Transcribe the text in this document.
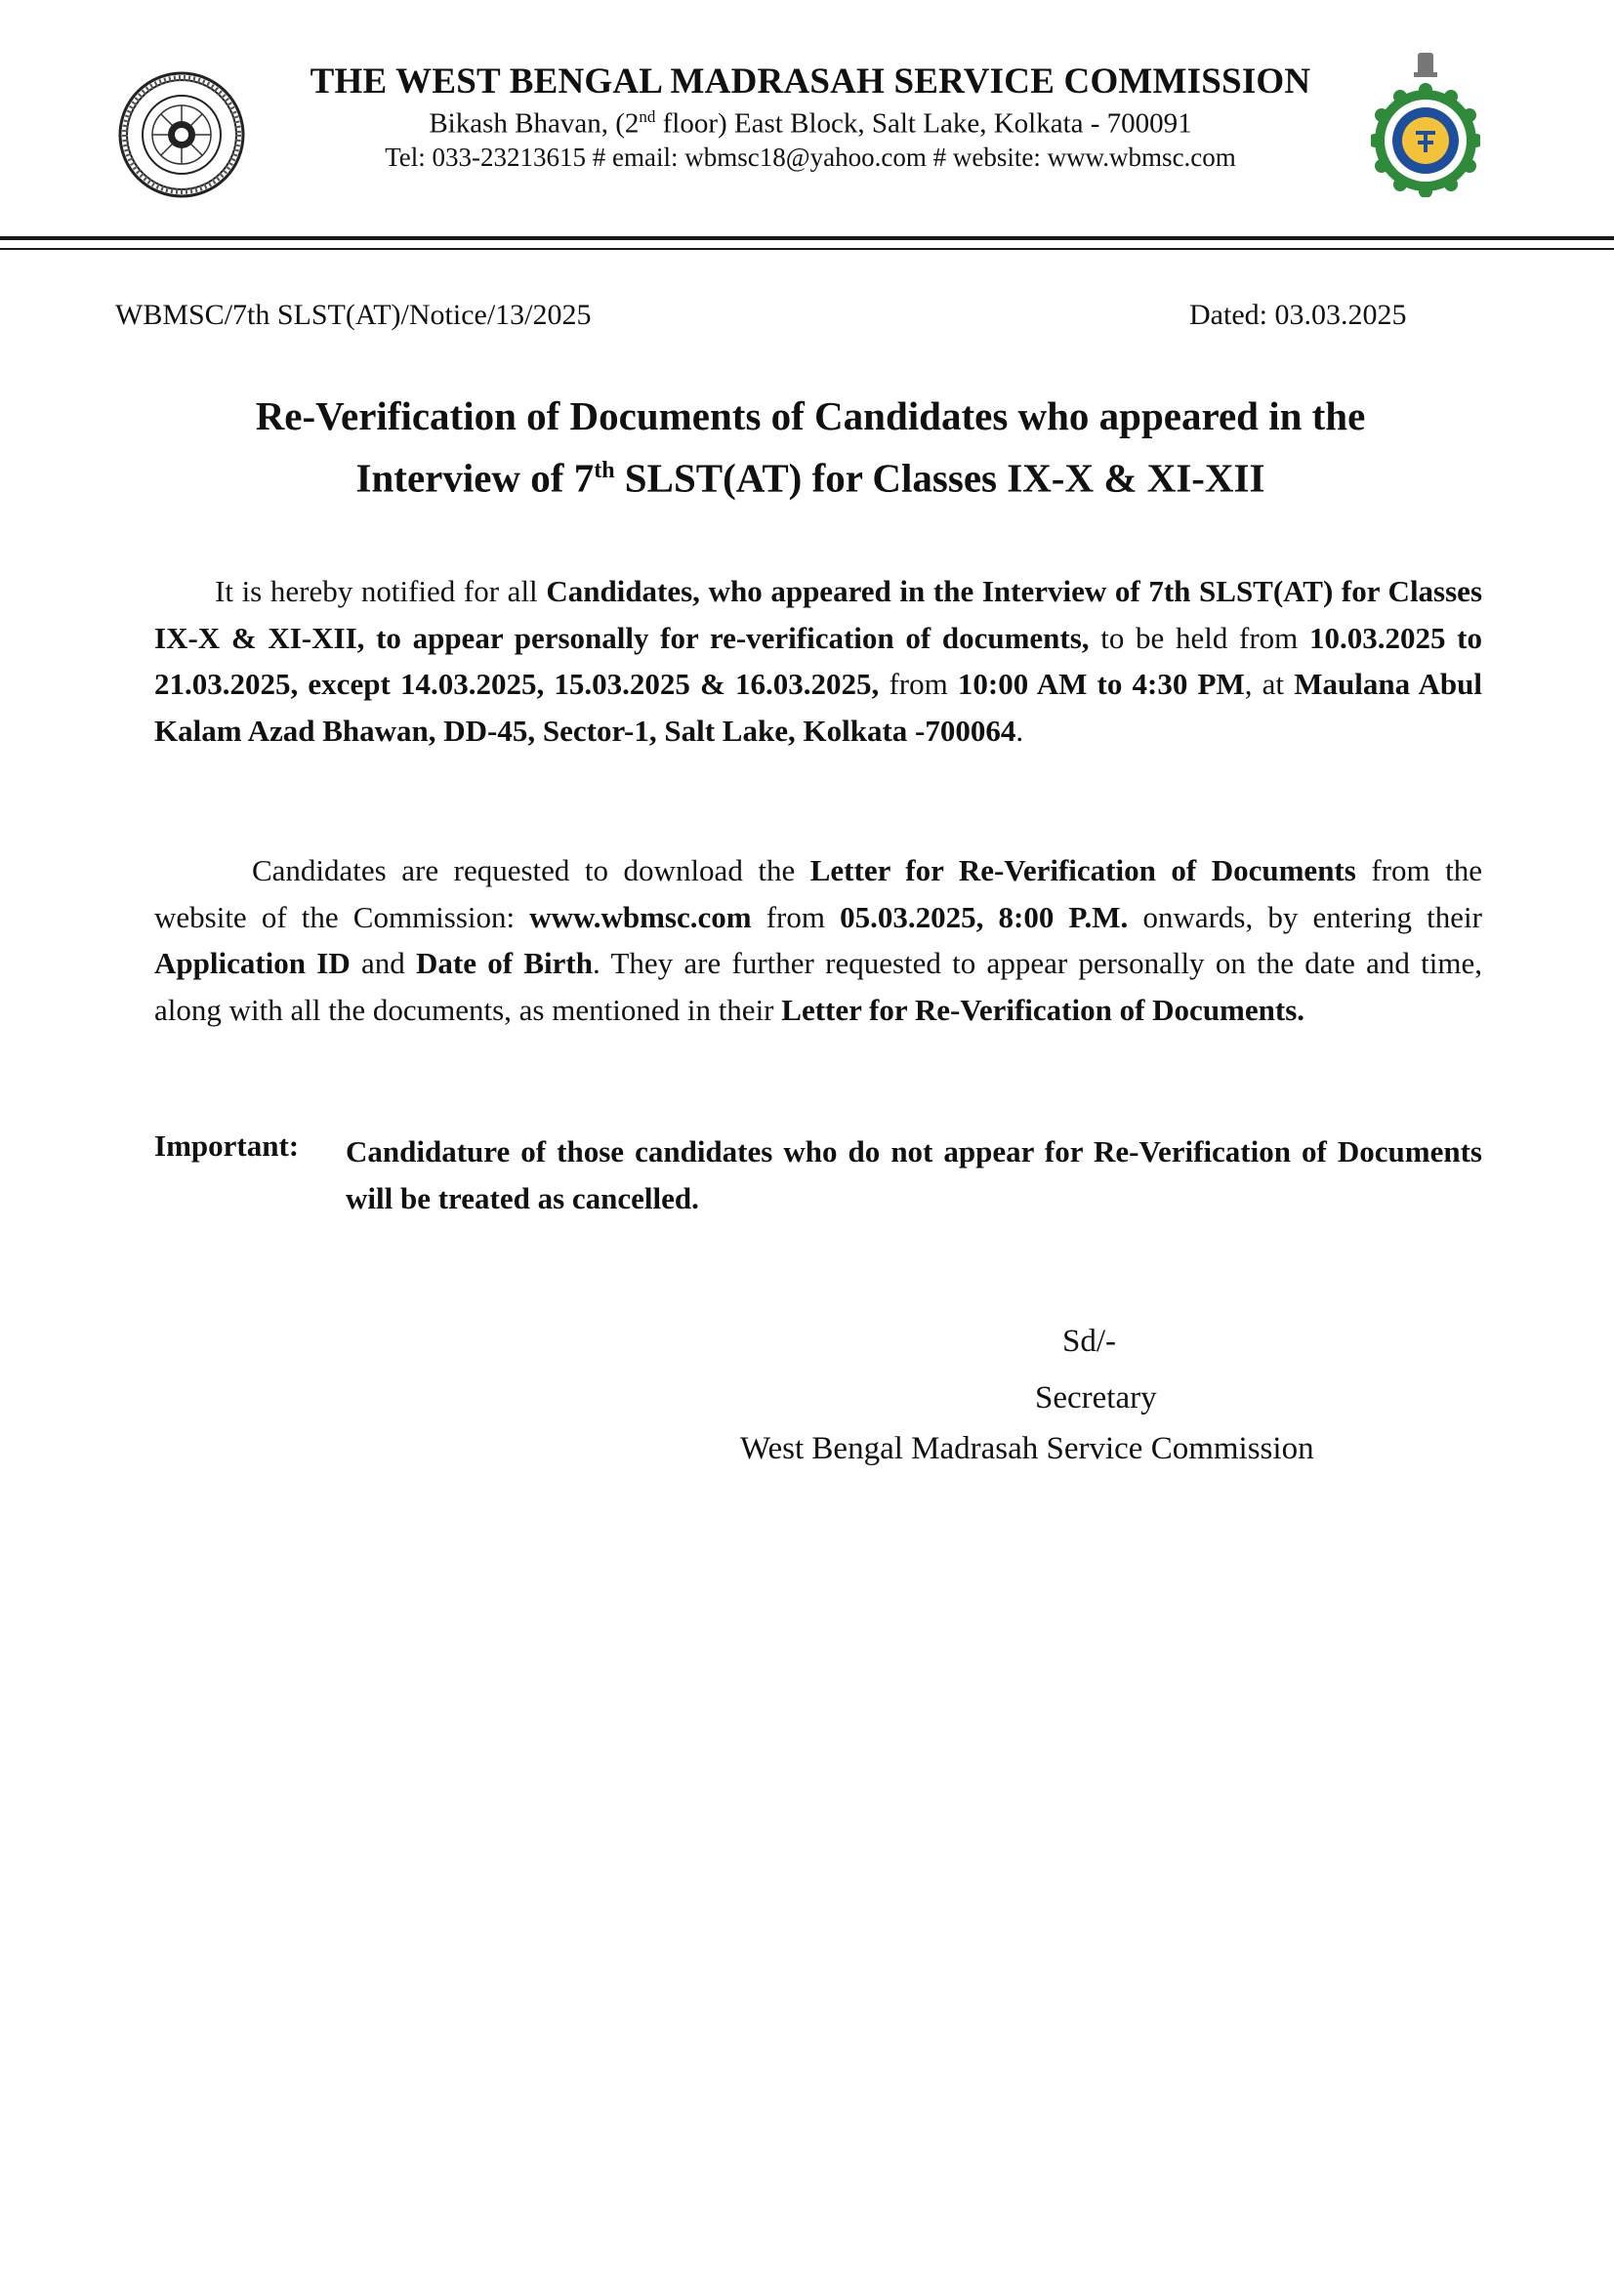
THE WEST BENGAL MADRASAH SERVICE COMMISSION
Bikash Bhavan, (2nd floor) East Block, Salt Lake, Kolkata - 700091
Tel: 033-23213615 # email: wbmsc18@yahoo.com # website: www.wbmsc.com
WBMSC/7th SLST(AT)/Notice/13/2025	Dated: 03.03.2025
Re-Verification of Documents of Candidates who appeared in the
Interview of 7th SLST(AT) for Classes IX-X & XI-XII
It is hereby notified for all Candidates, who appeared in the Interview of 7th SLST(AT) for Classes IX-X & XI-XII, to appear personally for re-verification of documents, to be held from 10.03.2025 to 21.03.2025, except 14.03.2025, 15.03.2025 & 16.03.2025, from 10:00 AM to 4:30 PM, at Maulana Abul Kalam Azad Bhawan, DD-45, Sector-1, Salt Lake, Kolkata -700064.
Candidates are requested to download the Letter for Re-Verification of Documents from the website of the Commission: www.wbmsc.com from 05.03.2025, 8:00 P.M. onwards, by entering their Application ID and Date of Birth. They are further requested to appear personally on the date and time, along with all the documents, as mentioned in their Letter for Re-Verification of Documents.
Important: Candidature of those candidates who do not appear for Re-Verification of Documents will be treated as cancelled.
Sd/-
Secretary
West Bengal Madrasah Service Commission
